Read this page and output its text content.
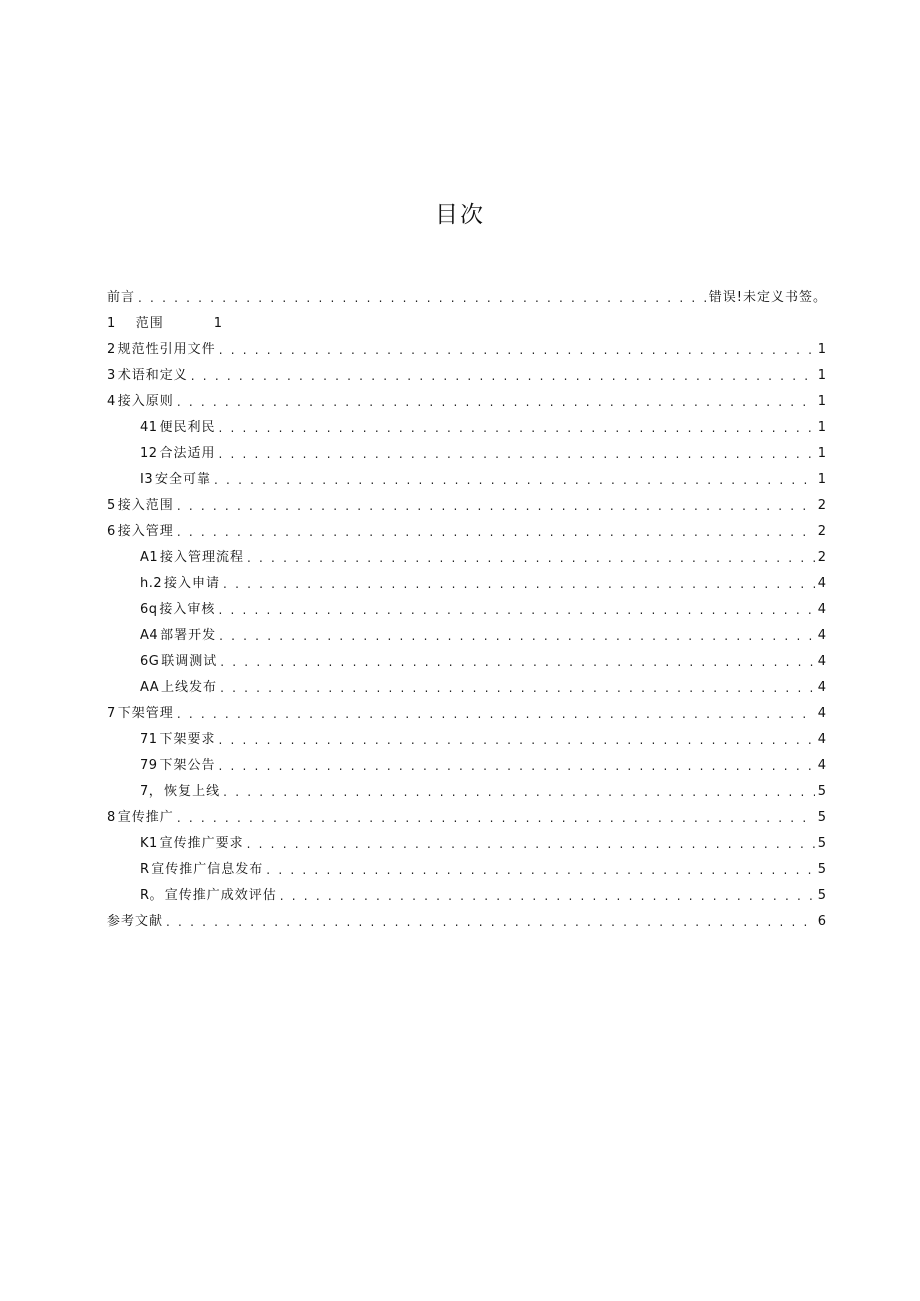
目次
前言 . . .	错误!未定义书签。
1 范围	1
2 规范性引用文件 . . .	1
3 术语和定义 . . .	1
4 接入原则 . . .	1
41 便民利民 . . .	1
12 合法适用 . . .	1
I3 安全可靠 . . .	1
5 接入范围 . . .	2
6 接入管理 . . .	2
A1 接入管理流程 . . .	2
h.2 接入申请 . . .	4
6q 接入审核 . . .	4
A4 部署开发 . . .	4
6G 联调测试 . . .	4
AA 上线发布 . . .	4
7 下架管理 . . .	4
71 下架要求 . . .	4
79 下架公告 . . .	4
7， 恢复上线 . . .	5
8 宣传推广 . . .	5
K1 宣传推广要求 . . .	5
R 宣传推广信息发布 . . .	5
R。 宣传推广成效评估 . . .	5
参考文献 . . .	6
